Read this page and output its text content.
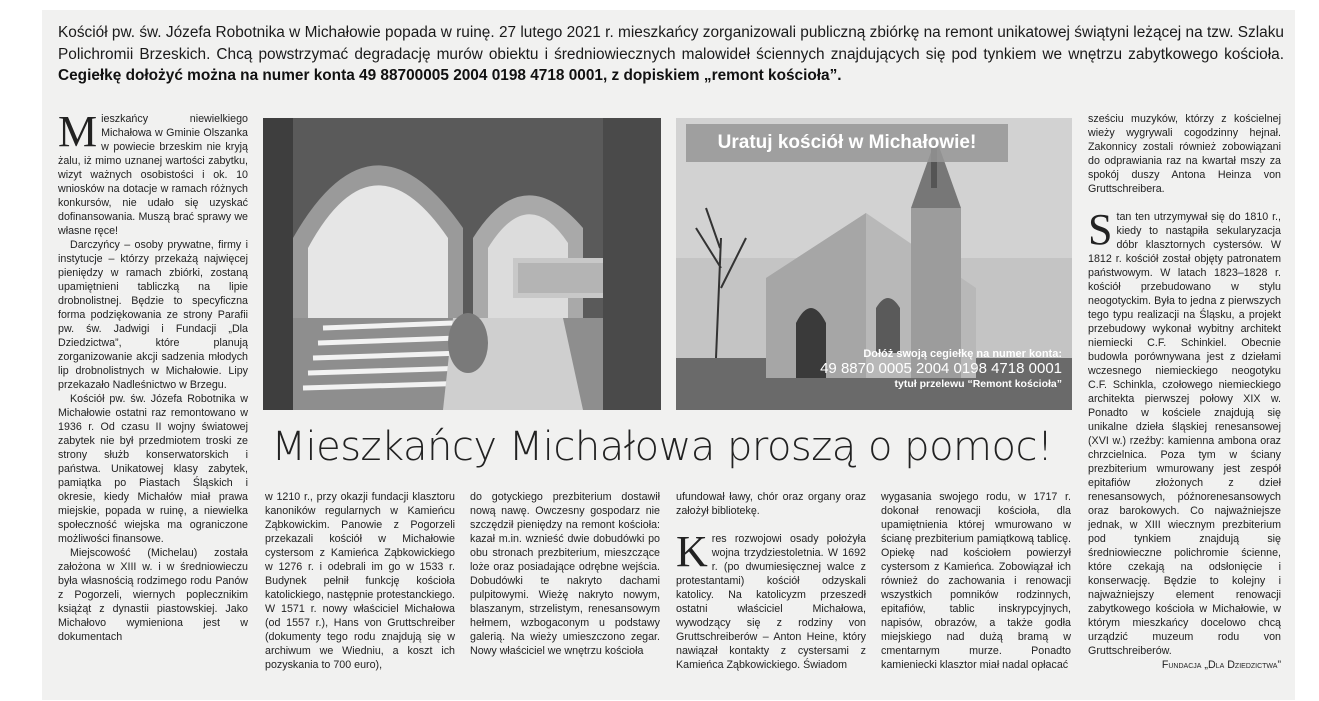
Kościół pw. św. Józefa Robotnika w Michałowie popada w ruinę. 27 lutego 2021 r. mieszkańcy zorganizowali publiczną zbiórkę na remont unikatowej świątyni leżącej na tzw. Szlaku Polichromii Brzeskich. Chcą powstrzymać degradację murów obiektu i średniowiecznych malowideł ściennych znajdujących się pod tynkiem we wnętrzu zabytkowego kościoła. Cegiełkę dołożyć można na numer konta 49 88700005 2004 0198 4718 0001, z dopiskiem „remont kościoła”.

Mieszkańcy niewielkiego Michałowa w Gminie Olszanka w powiecie brzeskim nie kryją żalu, iż mimo uznanej wartości zabytku, wizyt ważnych osobistości i ok. 10 wniosków na dotacje w ramach różnych konkursów, nie udało się uzyskać dofinansowania. Muszą brać sprawy we własne ręce!

Darczyńcy – osoby prywatne, firmy i instytucje – którzy przekażą najwięcej pieniędzy w ramach zbiórki, zostaną upamiętnieni tabliczką na lipie drobnolistnej. Będzie to specyficzna forma podziękowania ze strony Parafii pw. św. Jadwigi i Fundacji „Dla Dziedzictwa”, które planują zorganizowanie akcji sadzenia młodych lip drobnolistnych w Michałowie. Lipy przekazało Nadleśnictwo w Brzegu.

Kościół pw. św. Józefa Robotnika w Michałowie ostatni raz remontowano w 1936 r. Od czasu II wojny światowej zabytek nie był przedmiotem troski ze strony służb konserwatorskich i państwa. Unikatowej klasy zabytek, pamiątka po Piastach Śląskich i okresie, kiedy Michałów miał prawa miejskie, popada w ruinę, a niewielka społeczność wiejska ma ograniczone możliwości finansowe.

Miejscowość (Michelau) została założona w XIII w. i w średniowieczu była własnością rodzimego rodu Panów z Pogorzeli, wiernych poplecznikim książąt z dynastii piastowskiej. Jako Michałovo wymieniona jest w dokumentach

Uratuj kościół w Michałowie!
Dołóż swoją cegiełkę na numer konta:
49 8870 0005 2004 0198 4718 0001
tytuł przelewu “Remont kościoła”
Mieszkańcy Michałowa proszą o pomoc!

w 1210 r., przy okazji fundacji klasztoru kanoników regularnych w Kamieńcu Ząbkowickim. Panowie z Pogorzeli przekazali kościół w Michałowie cystersom z Kamieńca Ząbkowickiego w 1276 r. i odebrali im go w 1533 r. Budynek pełnił funkcję kościoła katolickiego, następnie protestanckiego. W 1571 r. nowy właściciel Michałowa (od 1557 r.), Hans von Gruttschreiber (dokumenty tego rodu znajdują się w archiwum we Wiedniu, a koszt ich pozyskania to 700 euro),

do gotyckiego prezbiterium dostawił nową nawę. Owczesny gospodarz nie szczędził pieniędzy na remont kościoła: kazał m.in. wznieść dwie dobudówki po obu stronach prezbiterium, mieszczące loże oraz posiadające odrębne wejścia. Dobudówki te nakryto dachami pulpitowymi. Wieżę nakryto nowym, blaszanym, strzelistym, renesansowym hełmem, wzbogaconym u podstawy galerią. Na wieży umieszczono zegar. Nowy właściciel we wnętrzu kościoła

ufundował ławy, chór oraz organy oraz założył bibliotekę.

Kres rozwojowi osady położyła wojna trzydziestoletnia. W 1692 r. (po dwumiesięcznej walce z protestantami) kościół odzyskali katolicy. Na katolicyzm przeszedł ostatni właściciel Michałowa, wywodzący się z rodziny von Gruttschreiberów – Anton Heine, który nawiązał kontakty z cystersami z Kamieńca Ząbkowickiego. Świadom

wygasania swojego rodu, w 1717 r. dokonał renowacji kościoła, dla upamiętnienia której wmurowano w ścianę prezbiterium pamiątkową tablicę. Opiekę nad kościołem powierzył cystersom z Kamieńca. Zobowiązał ich również do zachowania i renowacji wszystkich pomników rodzinnych, epitafiów, tablic inskrypcyjnych, napisów, obrazów, a także godła miejskiego nad dużą bramą w cmentarnym murze. Ponadto kamieniecki klasztor miał nadal opłacać

sześciu muzyków, którzy z kościelnej wieży wygrywali cogodzinny hejnał. Zakonnicy zostali również zobowiązani do odprawiania raz na kwartał mszy za spokój duszy Antona Heinza von Gruttschreibera.

Stan ten utrzymywał się do 1810 r., kiedy to nastąpiła sekularyzacja dóbr klasztornych cystersów. W 1812 r. kościół został objęty patronatem państwowym. W latach 1823–1828 r. kościół przebudowano w stylu neogotyckim. Była to jedna z pierwszych tego typu realizacji na Śląsku, a projekt przebudowy wykonał wybitny architekt niemiecki C.F. Schinkiel. Obecnie budowla porównywana jest z dziełami wczesnego niemieckiego neogotyku C.F. Schinkla, czołowego niemieckiego architekta pierwszej połowy XIX w. Ponadto w kościele znajdują się unikalne dzieła śląskiej renesansowej (XVI w.) rzeźby: kamienna ambona oraz chrzcielnica. Poza tym w ściany prezbiterium wmurowany jest zespół epitafiów złożonych z dzieł renesansowych, późnorenesansowych oraz barokowych. Co najważniejsze jednak, w XIII wiecznym prezbiterium pod tynkiem znajdują się średniowieczne polichromie ścienne, które czekają na odsłonięcie i konserwację. Będzie to kolejny i najważniejszy element renowacji zabytkowego kościoła w Michałowie, w którym mieszkańcy docelowo chcą urządzić muzeum rodu von Gruttschreiberów.

Fundacja „Dla Dziedzictwa”
